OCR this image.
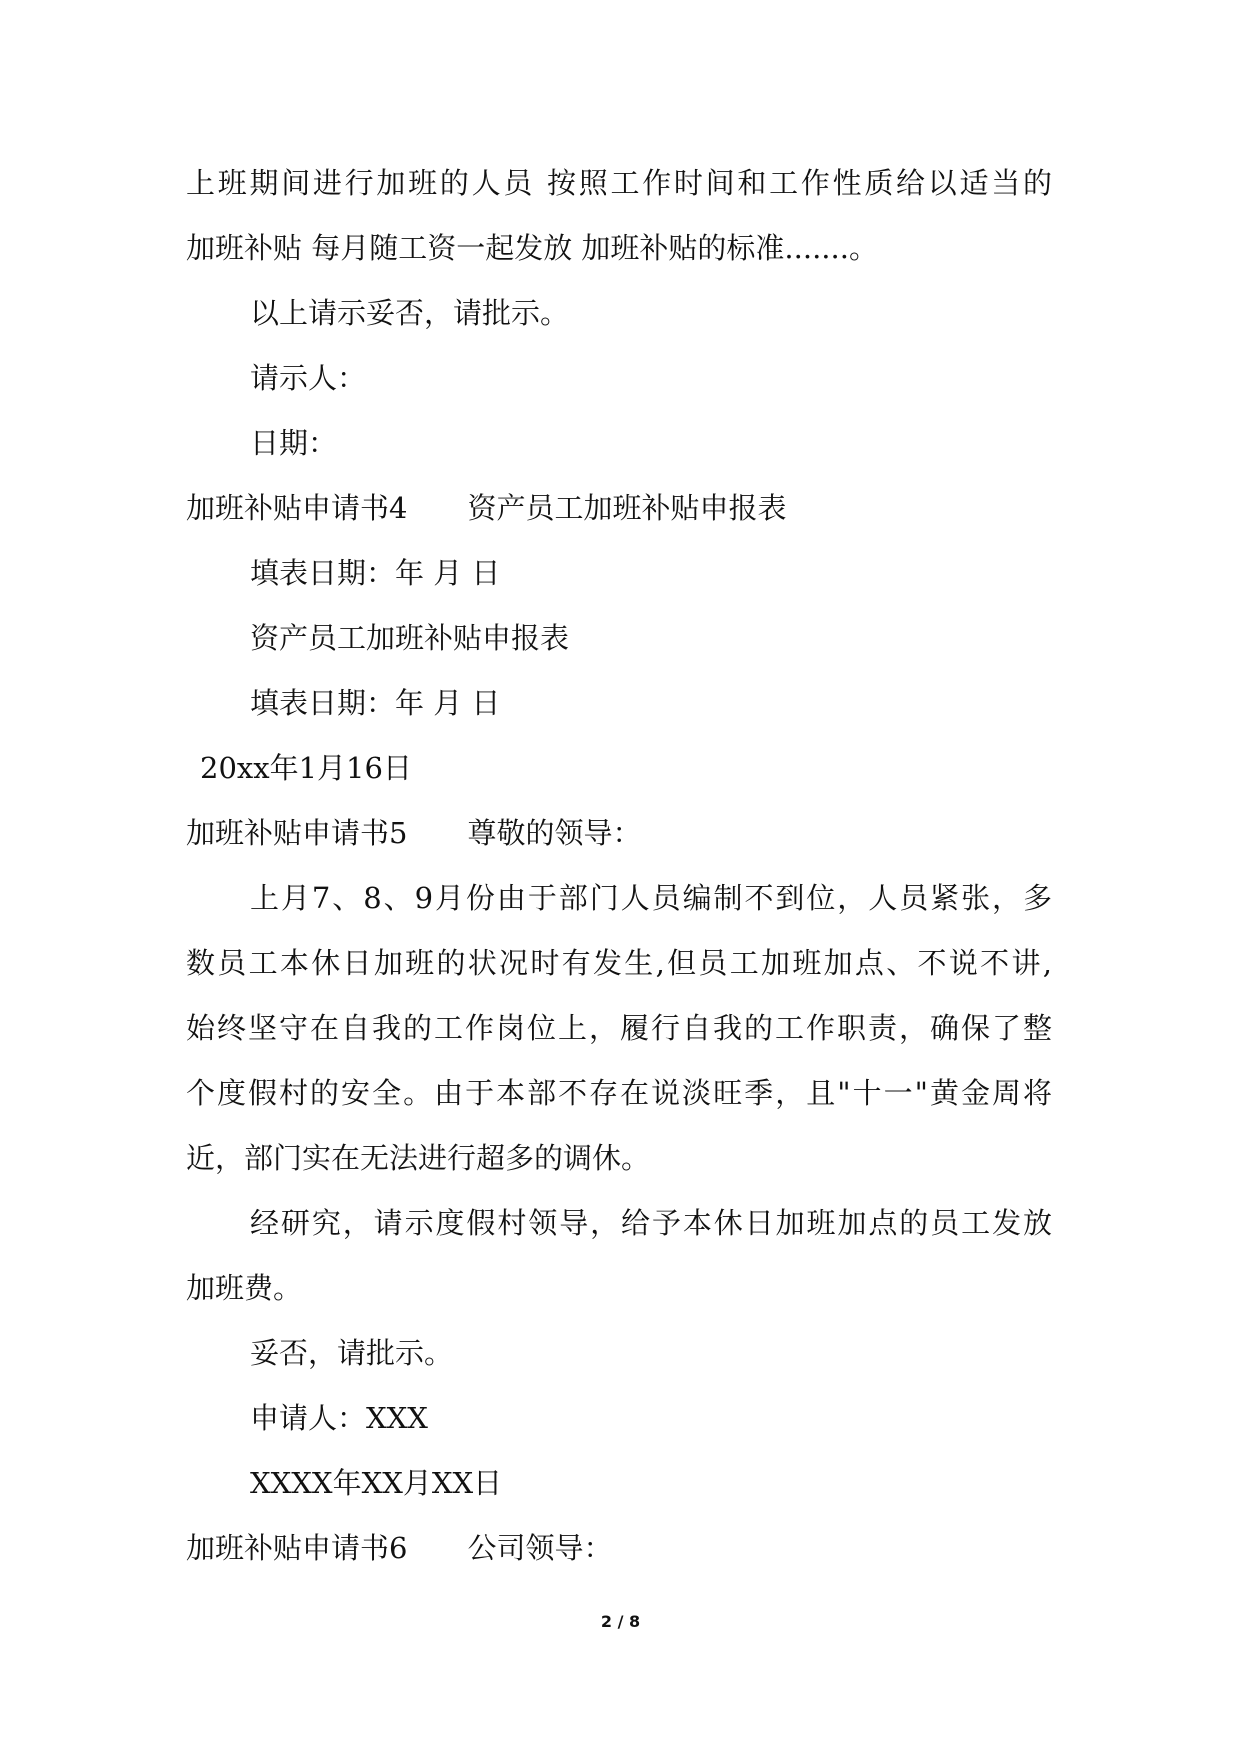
上班期间进行加班的人员 按照工作时间和工作性质给以适当的
加班补贴 每月随工资一起发放 加班补贴的标准.......。
以上请示妥否，请批示。
请示人：
日期：
加班补贴申请书4 资产员工加班补贴申报表
填表日期：年 月 日
资产员工加班补贴申报表
填表日期：年 月 日
20xx年1月16日
加班补贴申请书5 尊敬的领导：
上月7、8、9月份由于部门人员编制不到位，人员紧张，多
数员工本休日加班的状况时有发生,但员工加班加点、不说不讲,
始终坚守在自我的工作岗位上，履行自我的工作职责，确保了整
个度假村的安全。由于本部不存在说淡旺季，且"十一"黄金周将
近，部门实在无法进行超多的调休。
经研究，请示度假村领导，给予本休日加班加点的员工发放
加班费。
妥否，请批示。
申请人：XXX
XXXX年XX月XX日
加班补贴申请书6 公司领导：
2 / 8
